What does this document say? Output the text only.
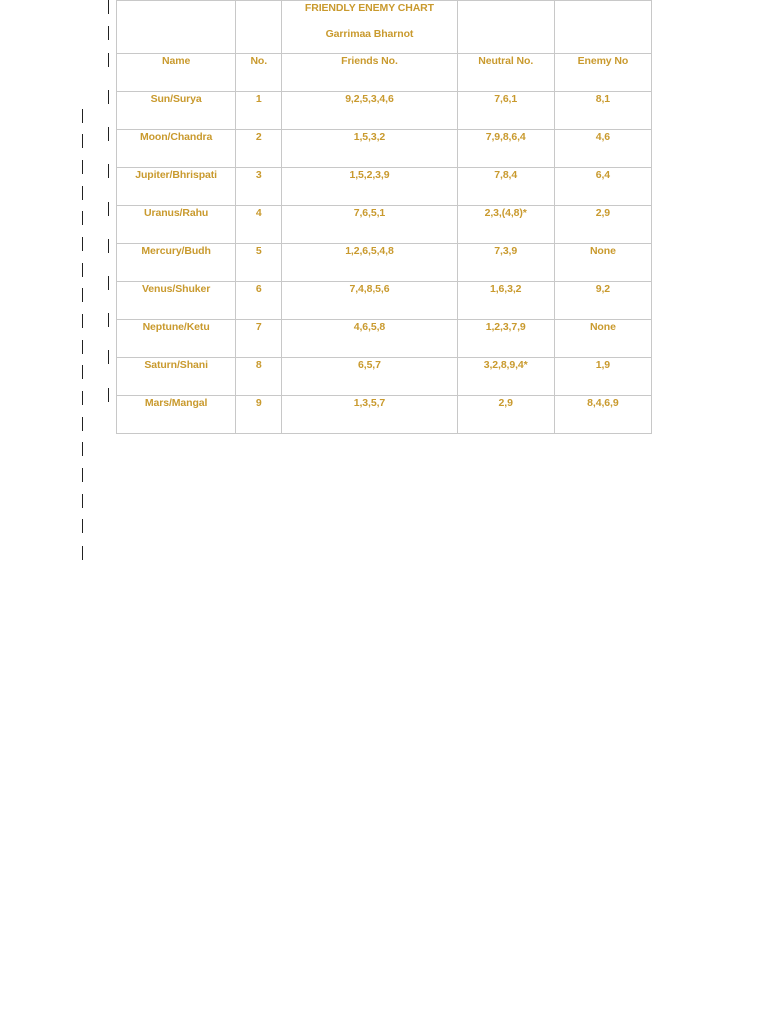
		FRIENDLY ENEMY CHART
Garrimaa Bharnot		

Name	No.	Friends No.	Neutral No.	Enemy No
Sun/Surya	1	9,2,5,3,4,6	7,6,1	8,1
Moon/Chandra	2	1,5,3,2	7,9,8,6,4	4,6
Jupiter/Bhrispati	3	1,5,2,3,9	7,8,4	6,4
Uranus/Rahu	4	7,6,5,1	2,3,(4,8)*	2,9
Mercury/Budh	5	1,2,6,5,4,8	7,3,9	None
Venus/Shuker	6	7,4,8,5,6	1,6,3,2	9,2
Neptune/Ketu	7	4,6,5,8	1,2,3,7,9	None
Saturn/Shani	8	6,5,7	3,2,8,9,4*	1,9
Mars/Mangal	9	1,3,5,7	2,9	8,4,6,9
